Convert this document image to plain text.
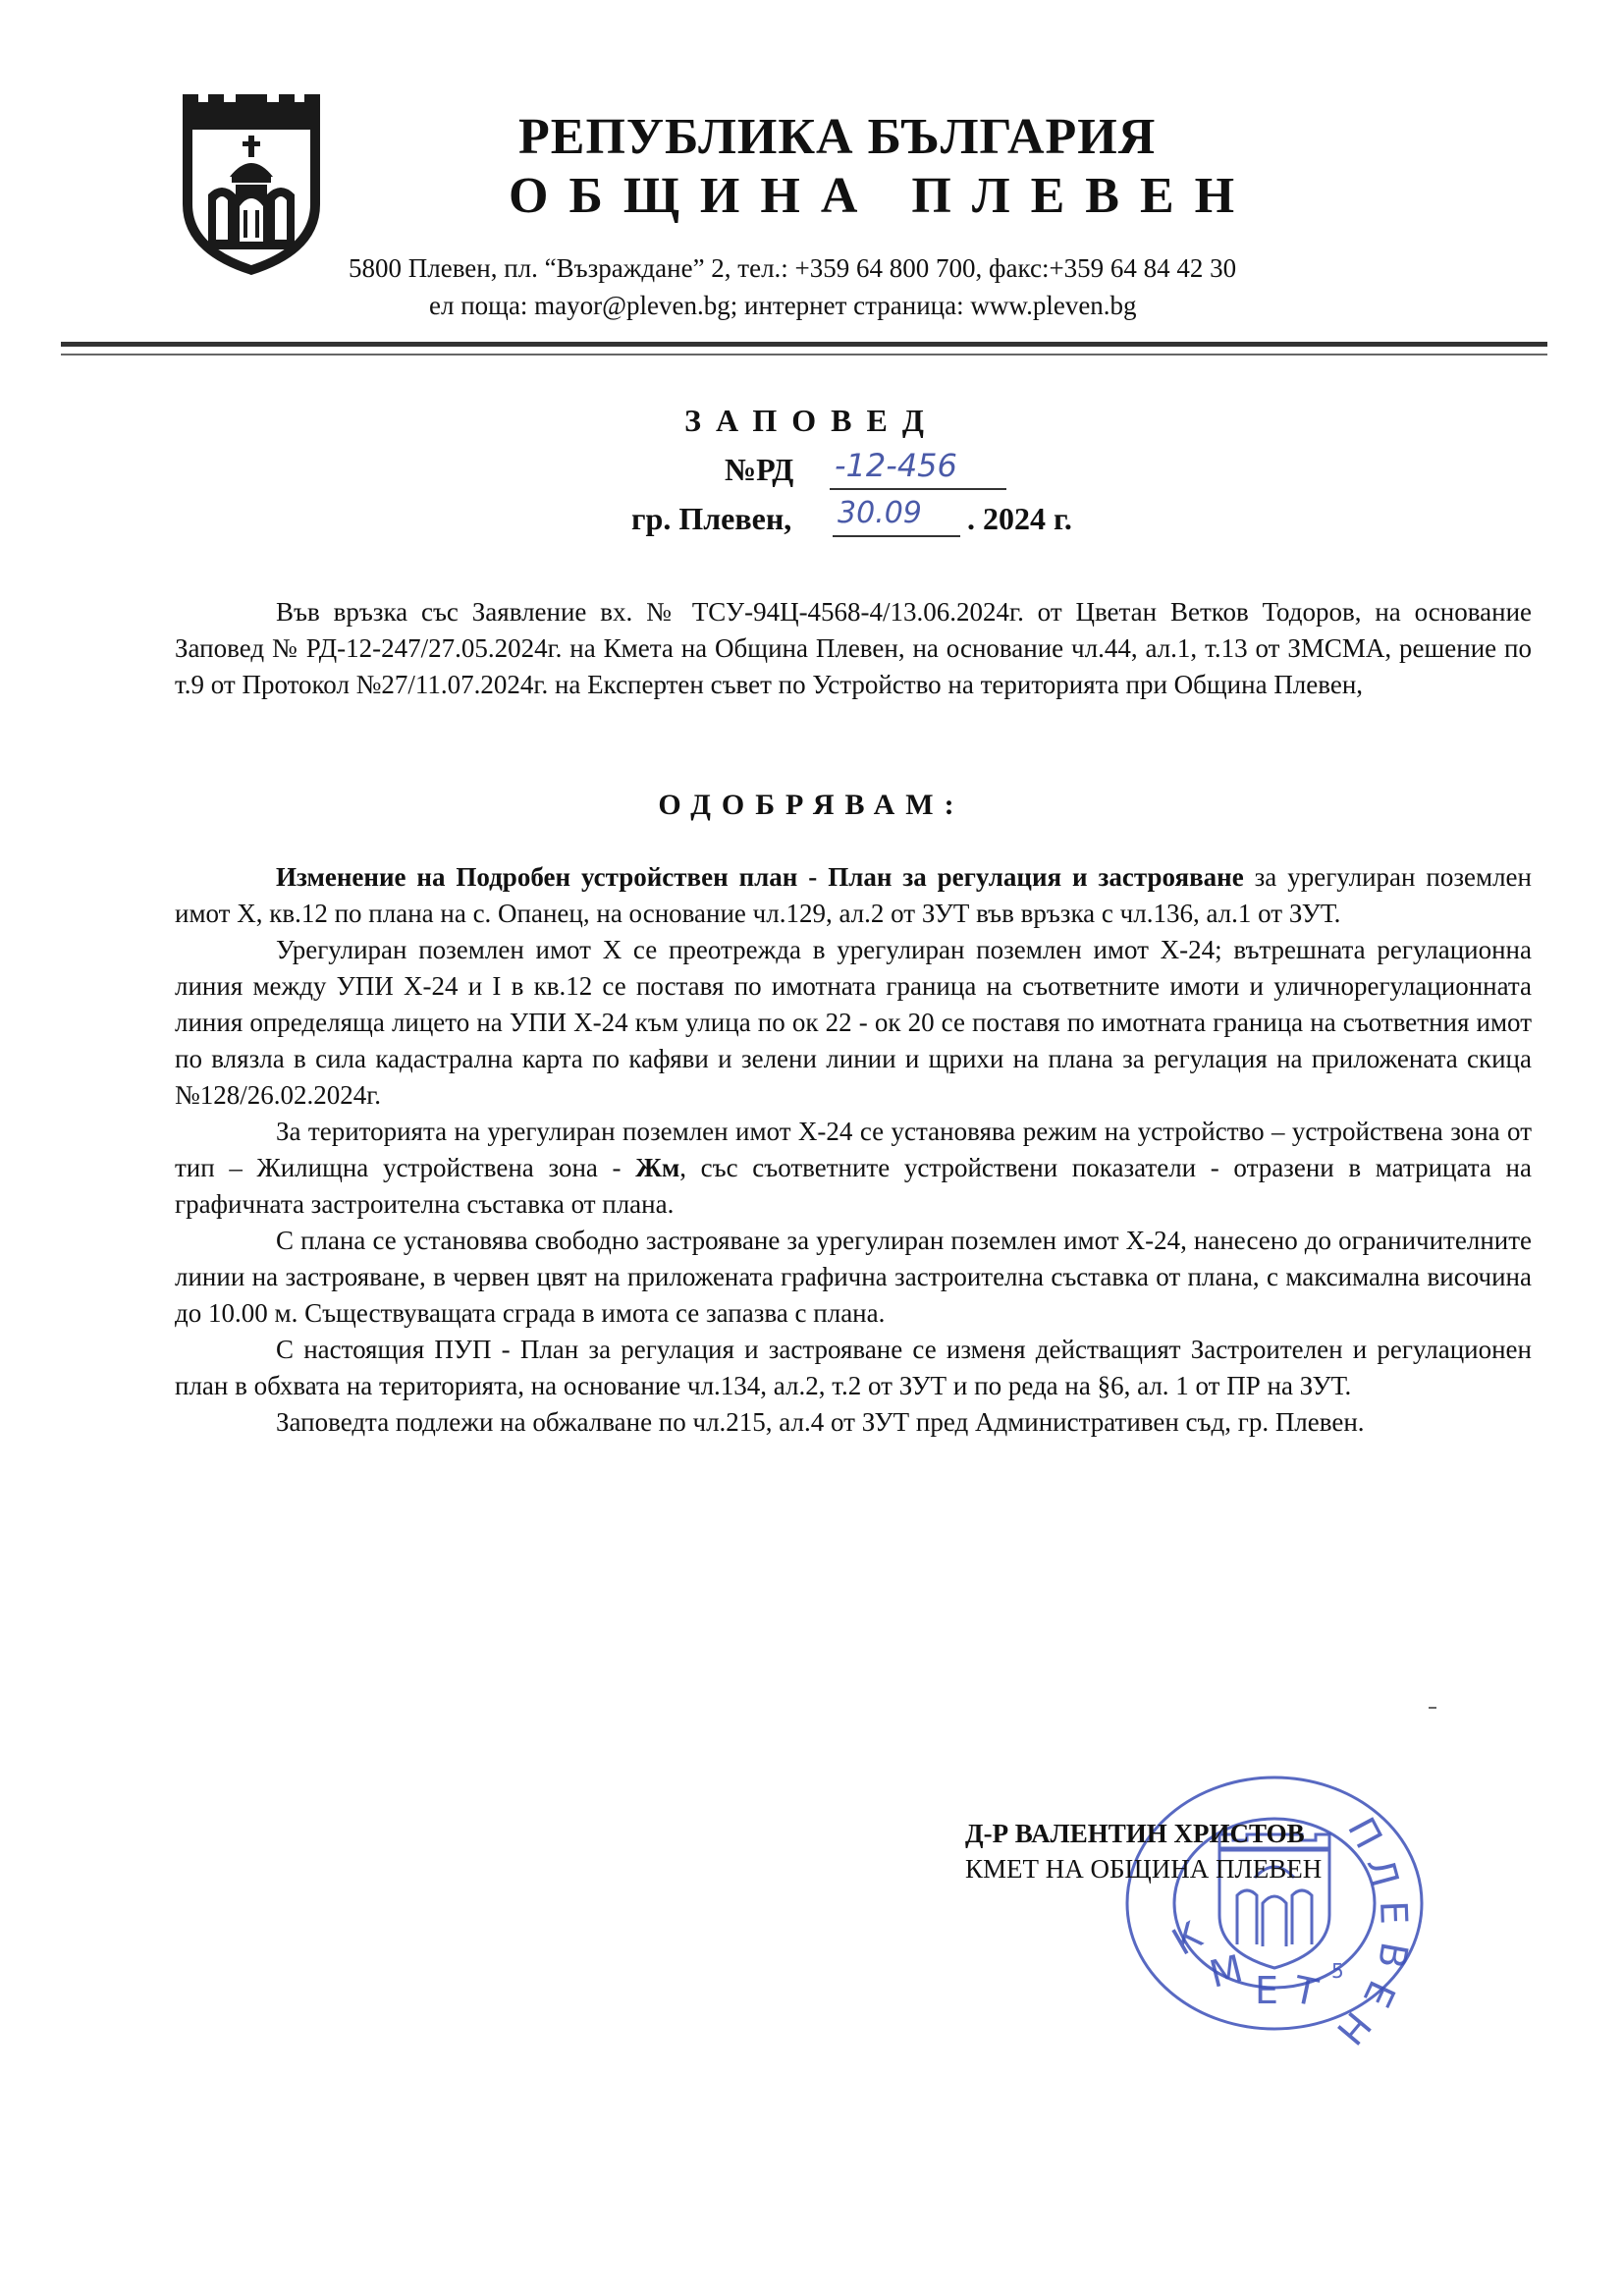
РЕПУБЛИКА БЪЛГАРИЯ
ОБЩИНА ПЛЕВЕН
5800 Плевен, пл. “Възраждане” 2, тел.: +359 64 800 700, факс:+359 64 84 42 30
ел поща: mayor@pleven.bg; интернет страница: www.pleven.bg
ЗАПОВЕД
№РД -12-456
гр. Плевен, 30.09 . 2024 г.

Във връзка със Заявление вх. № ТСУ-94Ц-4568-4/13.06.2024г. от Цветан Ветков Тодоров, на основание Заповед № РД-12-247/27.05.2024г. на Кмета на Община Плевен, на основание чл.44, ал.1, т.13 от ЗМСМА, решение по т.9 от Протокол №27/11.07.2024г. на Експертен съвет по Устройство на територията при Община Плевен,

ОДОБРЯВАМ:

Изменение на Подробен устройствен план - План за регулация и застрояване за урегулиран поземлен имот Х, кв.12 по плана на с. Опанец, на основание чл.129, ал.2 от ЗУТ във връзка с чл.136, ал.1 от ЗУТ.

Урегулиран поземлен имот Х се преотрежда в урегулиран поземлен имот Х-24; вътрешната регулационна линия между УПИ Х-24 и I в кв.12 се поставя по имотната граница на съответните имоти и уличнорегулационната линия определяща лицето на УПИ Х-24 към улица по ок 22 - ок 20 се поставя по имотната граница на съответния имот по влязла в сила кадастрална карта по кафяви и зелени линии и щрихи на плана за регулация на приложената скица №128/26.02.2024г.

За територията на урегулиран поземлен имот Х-24 се установява режим на устройство – устройствена зона от тип – Жилищна устройствена зона - Жм, със съответните устройствени показатели - отразени в матрицата на графичната застроителна съставка от плана.

С плана се установява свободно застрояване за урегулиран поземлен имот Х-24, нанесено до ограничителните линии на застрояване, в червен цвят на приложената графична застроителна съставка от плана, с максимална височина до 10.00 м. Съществуващата сграда в имота се запазва с плана.

С настоящия ПУП - План за регулация и застрояване се изменя действащият Застроителен и регулационен план в обхвата на територията, на основание чл.134, ал.2, т.2 от ЗУТ и по реда на §6, ал. 1 от ПР на ЗУТ.

Заповедта подлежи на обжалване по чл.215, ал.4 от ЗУТ пред Административен съд, гр. Плевен.

П
Л
Е
В
Е
Н
К
М Е Т 5
Д-Р ВАЛЕНТИН ХРИСТОВ
КМЕТ НА ОБЩИНА ПЛЕВЕН
